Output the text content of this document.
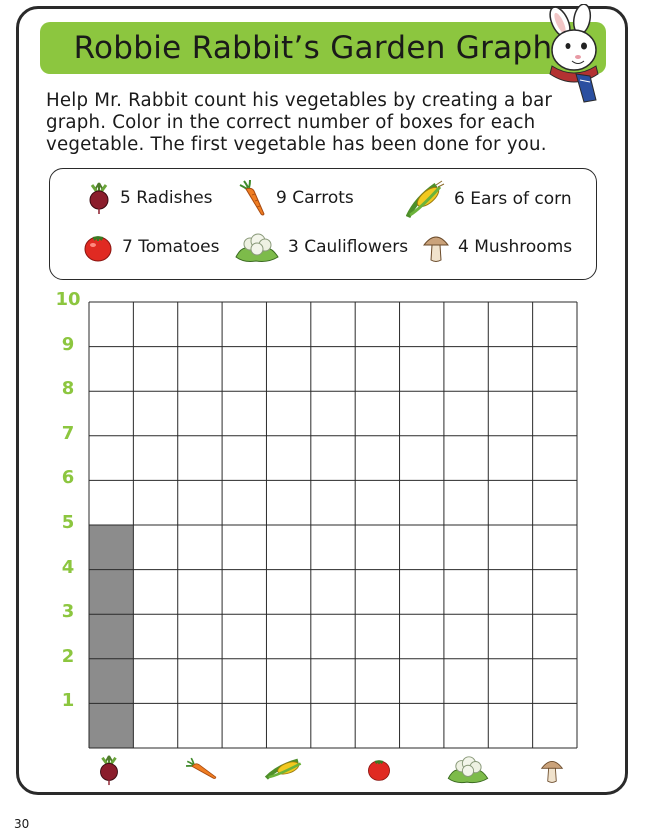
Robbie Rabbit’s Garden Graph
Help Mr. Rabbit count his vegetables by creating a bar
graph. Color in the correct number of boxes for each
vegetable. The first vegetable has been done for you.
5 Radishes	9 Carrots	6 Ears of corn
7 Tomatoes	3 Cauliflowers	4 Mushrooms
1
2
3
4
5
6
7
8
9
10
30
